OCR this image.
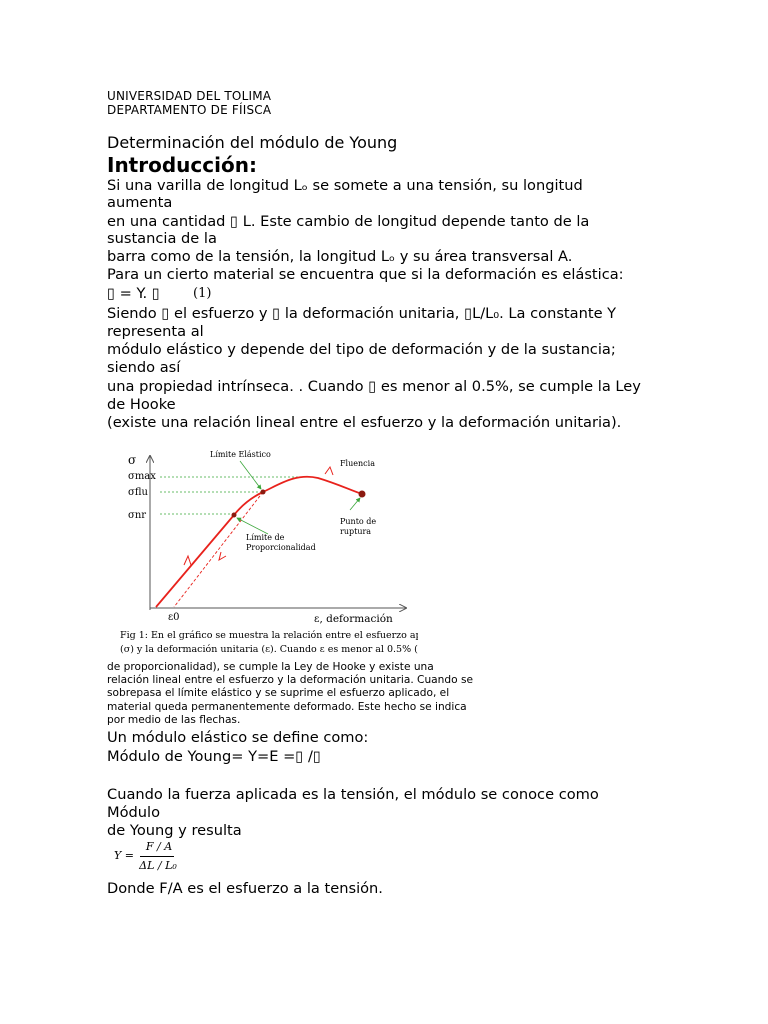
UNIVERSIDAD DEL TOLIMA
DEPARTAMENTO DE FÍISCA
Determinación del módulo de Young
Introducción:
Si una varilla de longitud Lₒ se somete a una tensión, su longitud
aumenta
en una cantidad ▯ L. Este cambio de longitud depende tanto de la
sustancia de la
barra como de la tensión, la longitud Lₒ y su área transversal A.
Para un cierto material se encuentra que si la deformación es elástica:
▯ = Y. ▯	(1)
Siendo ▯ el esfuerzo y ▯ la deformación unitaria, ▯L/L₀. La constante Y
representa al
módulo elástico y depende del tipo de deformación y de la sustancia;
siendo así
una propiedad intrínseca. . Cuando ▯ es menor al 0.5%, se cumple la Ley
de Hooke
(existe una relación lineal entre el esfuerzo y la deformación unitaria).
σ
σmax
σflu
σnr
ε0	ε, deformación
Límite Elástico
Fluencia
Punto de
ruptura
Límite de
Proporcionalidad
Fig 1: En el gráfico se muestra la relación entre el esfuerzo aplicado
(σ) y la deformación unitaria (ε). Cuando ε es menor al 0.5% (límite
de proporcionalidad), se cumple la Ley de Hooke y existe una
relación lineal entre el esfuerzo y la deformación unitaria. Cuando se
sobrepasa el límite elástico y se suprime el esfuerzo aplicado, el
material queda permanentemente deformado. Este hecho se indica
por medio de las flechas.
Un módulo elástico se define como:
Módulo de Young= Y=E =▯ /▯
Cuando la fuerza aplicada es la tensión, el módulo se conoce como
Módulo
de Young y resulta
Y =
F / A
ΔL / L₀
Donde F/A es el esfuerzo a la tensión.
